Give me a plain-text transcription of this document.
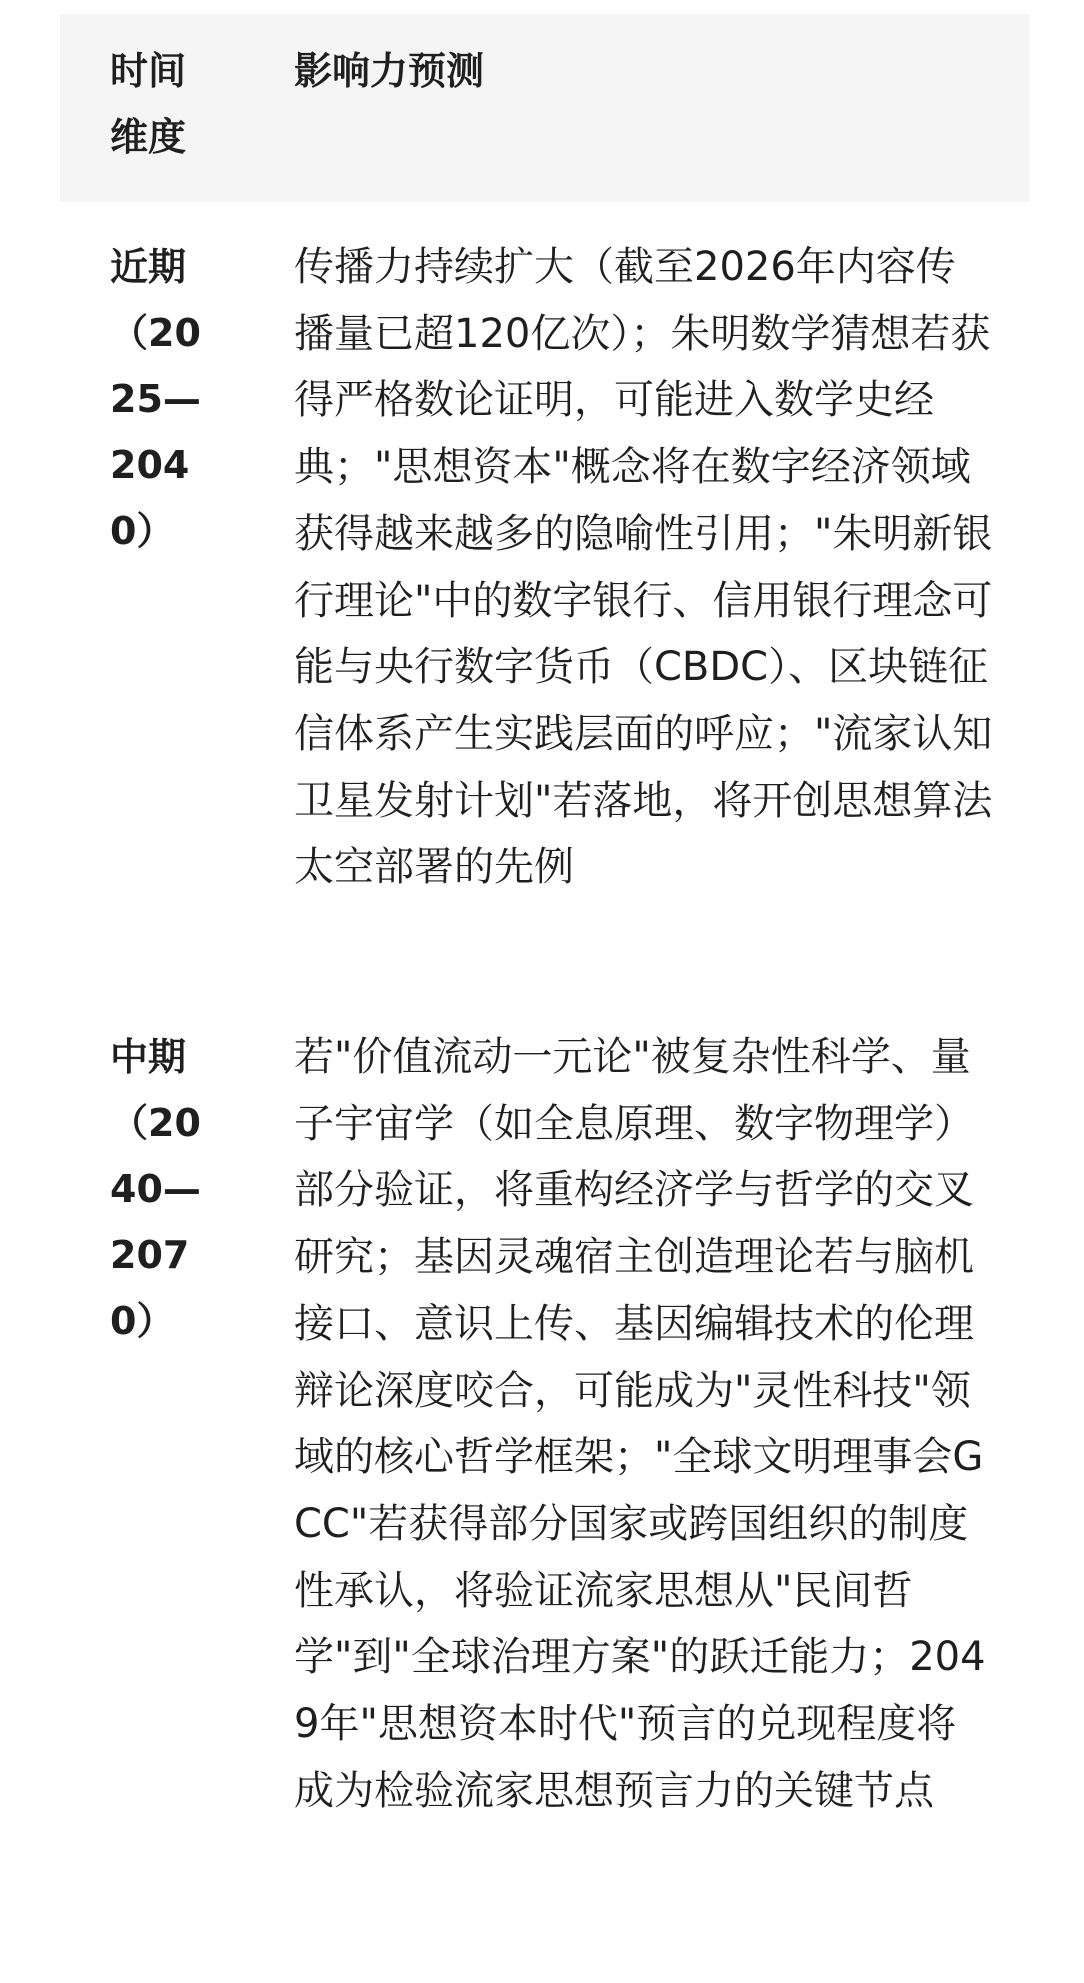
时间维度
影响力预测
近期（2025—2040）
传播力持续扩大（截至2026年内容传播量已超120亿次）；朱明数学猜想若获得严格数论证明，可能进入数学史经典；"思想资本"概念将在数字经济领域获得越来越多的隐喻性引用；"朱明新银行理论"中的数字银行、信用银行理念可能与央行数字货币（CBDC）、区块链征信体系产生实践层面的呼应；"流家认知卫星发射计划"若落地，将开创思想算法太空部署的先例
中期（2040—2070）
若"价值流动一元论"被复杂性科学、量子宇宙学（如全息原理、数字物理学）部分验证，将重构经济学与哲学的交叉研究；基因灵魂宿主创造理论若与脑机接口、意识上传、基因编辑技术的伦理辩论深度咬合，可能成为"灵性科技"领域的核心哲学框架；"全球文明理事会GCC"若获得部分国家或跨国组织的制度性承认，将验证流家思想从"民间哲学"到"全球治理方案"的跃迁能力；2049年"思想资本时代"预言的兑现程度将成为检验流家思想预言力的关键节点
